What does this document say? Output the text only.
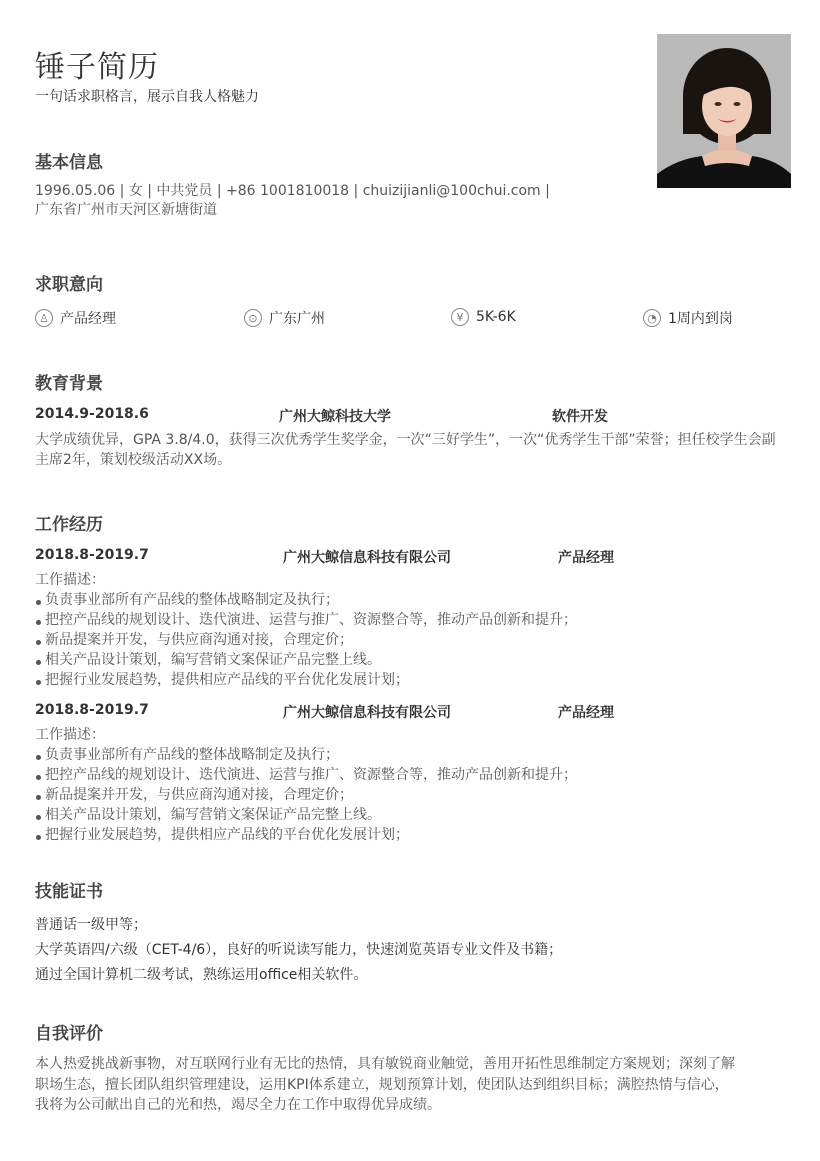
锤子简历
一句话求职格言，展示自我人格魅力
基本信息
1996.05.06 | 女 | 中共党员 | +86 1001810018 | chuizijianli@100chui.com |
广东省广州市天河区新塘街道
求职意向
♙ 产品经理	⊙ 广东广州	¥ 5K-6K	◔ 1周内到岗
教育背景
2014.9-2018.6	广州大鲸科技大学	软件开发
大学成绩优异，GPA 3.8/4.0，获得三次优秀学生奖学金，一次“三好学生”，一次“优秀学生干部”荣誉；担任校学生会副
主席2年，策划校级活动XX场。
工作经历
2018.8-2019.7	广州大鲸信息科技有限公司	产品经理
工作描述：
负责事业部所有产品线的整体战略制定及执行；
把控产品线的规划设计、迭代演进、运营与推广、资源整合等，推动产品创新和提升；
新品提案并开发，与供应商沟通对接，合理定价；
相关产品设计策划，编写营销文案保证产品完整上线。
把握行业发展趋势，提供相应产品线的平台优化发展计划；
2018.8-2019.7	广州大鲸信息科技有限公司	产品经理
工作描述：
负责事业部所有产品线的整体战略制定及执行；
把控产品线的规划设计、迭代演进、运营与推广、资源整合等，推动产品创新和提升；
新品提案并开发，与供应商沟通对接，合理定价；
相关产品设计策划，编写营销文案保证产品完整上线。
把握行业发展趋势，提供相应产品线的平台优化发展计划；
技能证书
普通话一级甲等；
大学英语四/六级（CET-4/6），良好的听说读写能力，快速浏览英语专业文件及书籍；
通过全国计算机二级考试，熟练运用office相关软件。
自我评价
本人热爱挑战新事物，对互联网行业有无比的热情，具有敏锐商业触觉，善用开拓性思维制定方案规划；深刻了解
职场生态，擅长团队组织管理建设，运用KPI体系建立，规划预算计划，使团队达到组织目标；满腔热情与信心，
我将为公司献出自己的光和热，竭尽全力在工作中取得优异成绩。
